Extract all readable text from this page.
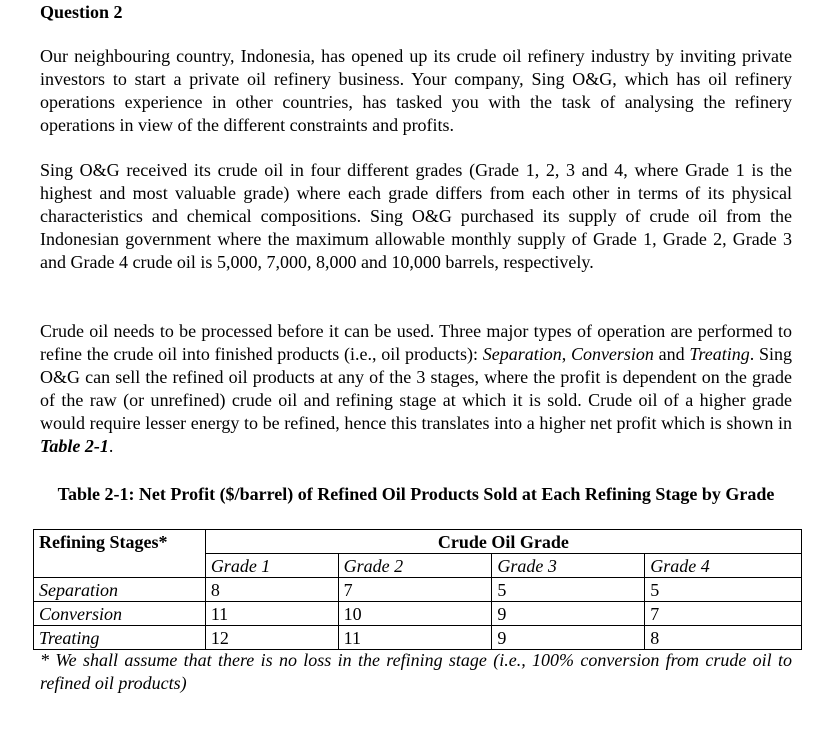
Question 2

Our neighbouring country, Indonesia, has opened up its crude oil refinery industry by inviting private investors to start a private oil refinery business. Your company, Sing O&G, which has oil refinery operations experience in other countries, has tasked you with the task of analysing the refinery operations in view of the different constraints and profits.

Sing O&G received its crude oil in four different grades (Grade 1, 2, 3 and 4, where Grade 1 is the highest and most valuable grade) where each grade differs from each other in terms of its physical characteristics and chemical compositions. Sing O&G purchased its supply of crude oil from the Indonesian government where the maximum allowable monthly supply of Grade 1, Grade 2, Grade 3 and Grade 4 crude oil is 5,000, 7,000, 8,000 and 10,000 barrels, respectively.

Crude oil needs to be processed before it can be used. Three major types of operation are performed to refine the crude oil into finished products (i.e., oil products): Separation, Conversion and Treating. Sing O&G can sell the refined oil products at any of the 3 stages, where the profit is dependent on the grade of the raw (or unrefined) crude oil and refining stage at which it is sold. Crude oil of a higher grade would require lesser energy to be refined, hence this translates into a higher net profit which is shown in Table 2-1.

Table 2-1: Net Profit ($/barrel) of Refined Oil Products Sold at Each Refining Stage by Grade
Refining Stages*	Crude Oil Grade			
	Grade 1	Grade 2	Grade 3	Grade 4
Separation	8	7	5	5
Conversion	11	10	9	7
Treating	12	11	9	8

* We shall assume that there is no loss in the refining stage (i.e., 100% conversion from crude oil to refined oil products)
